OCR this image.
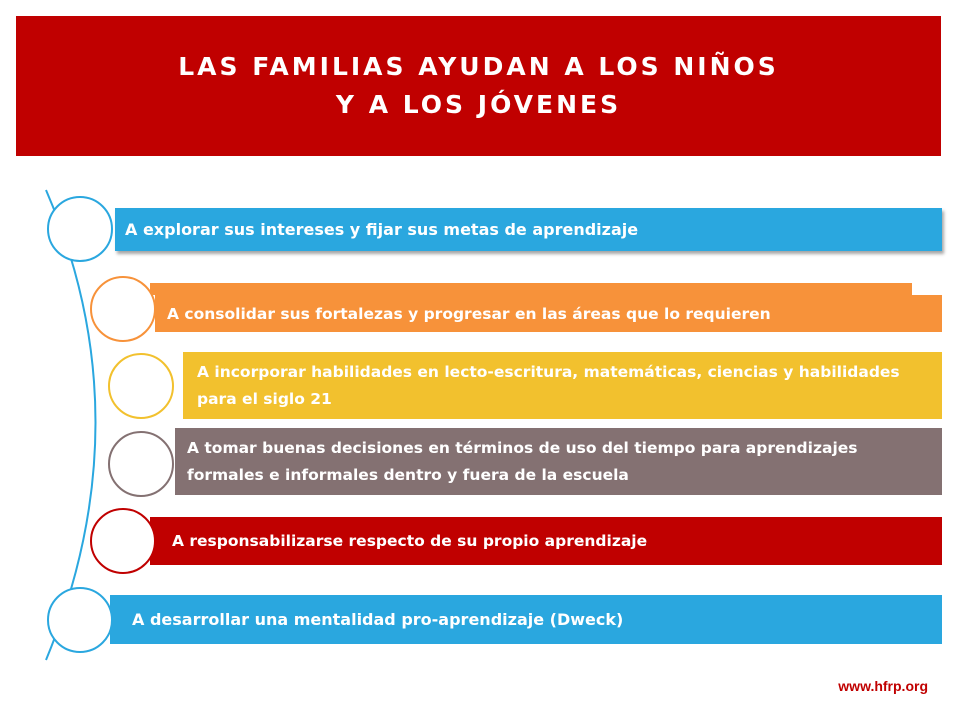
LAS FAMILIAS AYUDAN A LOS NIÑOS
Y A LOS JÓVENES
A explorar sus intereses y fijar sus metas de aprendizaje
A consolidar sus fortalezas y progresar en las áreas que lo requieren
A incorporar habilidades en lecto-escritura, matemáticas, ciencias y habilidades para el siglo 21
A tomar buenas decisiones en términos de uso del tiempo para aprendizajes formales e informales dentro y fuera de la escuela
A responsabilizarse respecto de su propio aprendizaje
A desarrollar una mentalidad pro-aprendizaje (Dweck)
www.hfrp.org
